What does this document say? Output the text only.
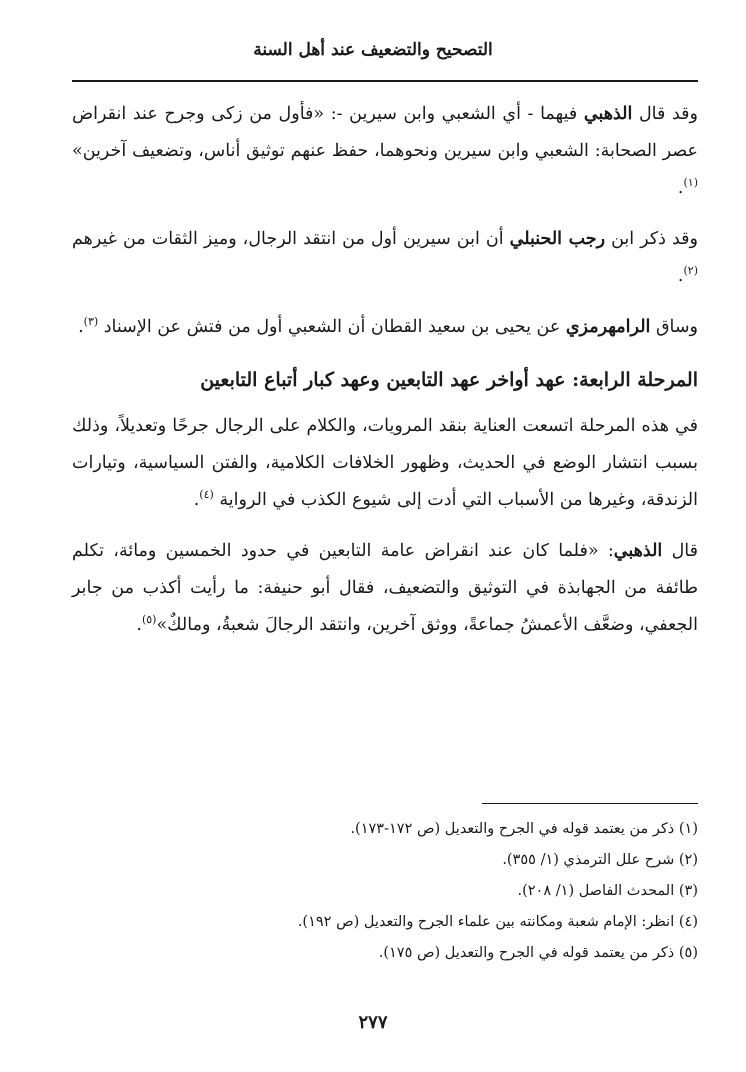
التصحيح والتضعيف عند أهل السنة

وقد قال الذهبي فيهما - أي الشعبي وابن سيرين -: «فأول من زكى وجرح عند انقراض عصر الصحابة: الشعبي وابن سيرين ونحوهما، حفظ عنهم توثيق أناس، وتضعيف آخرين» $^{(١)}$.

وقد ذكر ابن رجب الحنبلي أن ابن سيرين أول من انتقد الرجال، وميز الثقات من غيرهم $^{(٢)}$.

وساق الرامهرمزي عن يحيى بن سعيد القطان أن الشعبي أول من فتش عن الإسناد $^{(٣)}$.

المرحلة الرابعة: عهد أواخر عهد التابعين وعهد كبار أتباع التابعين

في هذه المرحلة اتسعت العناية بنقد المرويات، والكلام على الرجال جرحًا وتعديلاً، وذلك بسبب انتشار الوضع في الحديث، وظهور الخلافات الكلامية، والفتن السياسية، وتيارات الزندقة، وغيرها من الأسباب التي أدت إلى شيوع الكذب في الرواية $^{(٤)}$.

قال الذهبي: «فلما كان عند انقراض عامة التابعين في حدود الخمسين ومائة، تكلم طائفة من الجهابذة في التوثيق والتضعيف، فقال أبو حنيفة: ما رأيت أكذب من جابر الجعفي، وضعَّف الأعمشُ جماعةً، ووثق آخرين، وانتقد الرجالَ شعبةُ، ومالكٌ»$^{(٥)}$.

(١) ذكر من يعتمد قوله في الجرح والتعديل (ص ١٧٢-١٧٣).

(٢) شرح علل الترمذي (١/ ٣٥٥).

(٣) المحدث الفاصل (١/ ٢٠٨).

(٤) انظر: الإمام شعبة ومكانته بين علماء الجرح والتعديل (ص ١٩٢).

(٥) ذكر من يعتمد قوله في الجرح والتعديل (ص ١٧٥).

٢٧٧
